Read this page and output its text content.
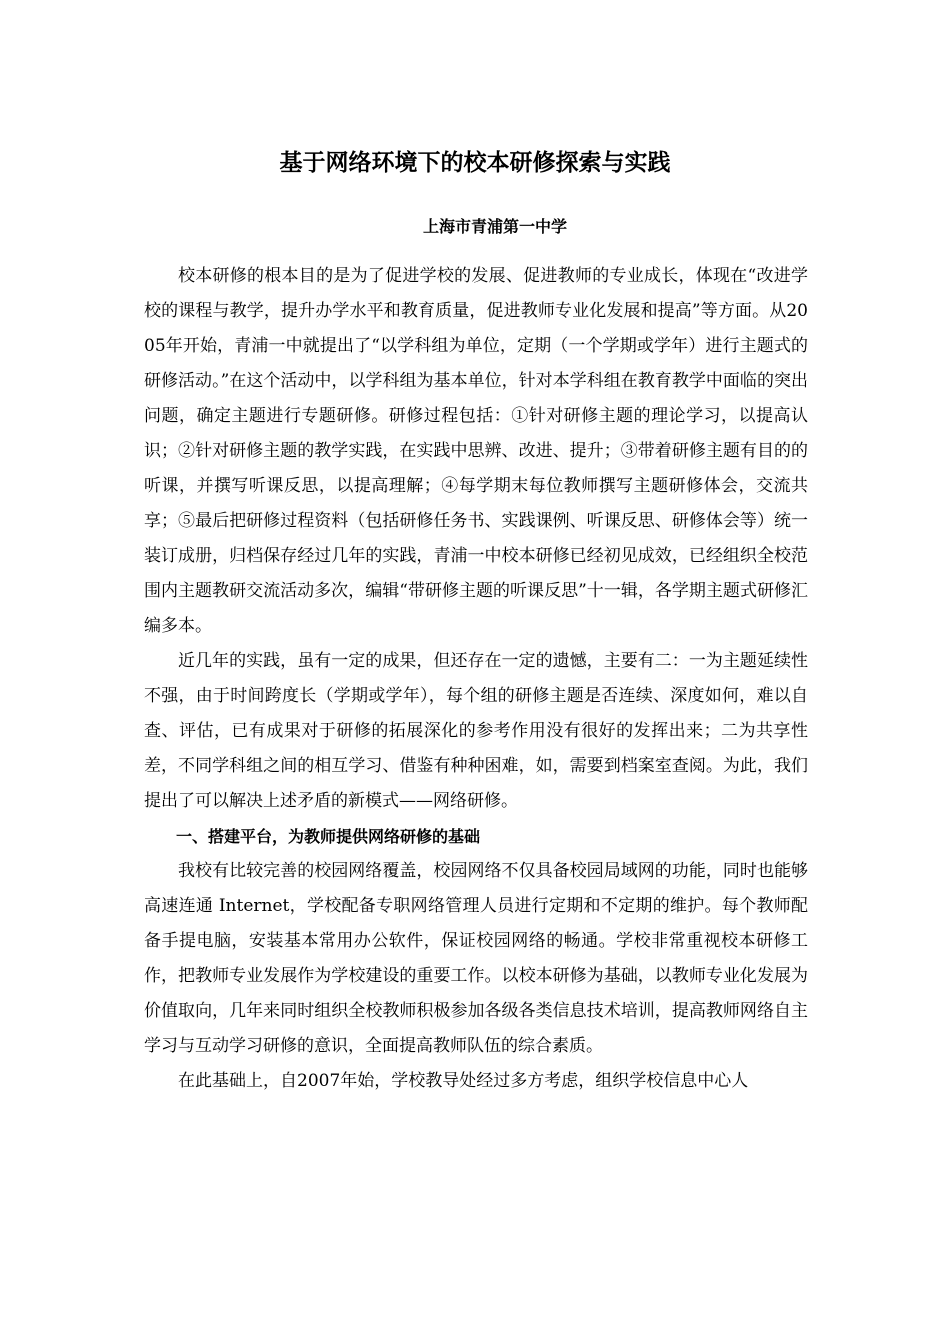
基于网络环境下的校本研修探索与实践
上海市青浦第一中学

校本研修的根本目的是为了促进学校的发展、促进教师的专业成长，体现在“改进学校的课程与教学，提升办学水平和教育质量，促进教师专业化发展和提高”等方面。从2005年开始，青浦一中就提出了“以学科组为单位，定期（一个学期或学年）进行主题式的研修活动。”在这个活动中，以学科组为基本单位，针对本学科组在教育教学中面临的突出问题，确定主题进行专题研修。研修过程包括：①针对研修主题的理论学习，以提高认识；②针对研修主题的教学实践，在实践中思辨、改进、提升；③带着研修主题有目的的听课，并撰写听课反思，以提高理解；④每学期末每位教师撰写主题研修体会，交流共享；⑤最后把研修过程资料（包括研修任务书、实践课例、听课反思、研修体会等）统一装订成册，归档保存经过几年的实践，青浦一中校本研修已经初见成效，已经组织全校范围内主题教研交流活动多次，编辑“带研修主题的听课反思”十一辑，各学期主题式研修汇编多本。

近几年的实践，虽有一定的成果，但还存在一定的遗憾，主要有二：一为主题延续性不强，由于时间跨度长（学期或学年），每个组的研修主题是否连续、深度如何，难以自查、评估，已有成果对于研修的拓展深化的参考作用没有很好的发挥出来；二为共享性差，不同学科组之间的相互学习、借鉴有种种困难，如，需要到档案室查阅。为此，我们提出了可以解决上述矛盾的新模式——网络研修。

一、搭建平台，为教师提供网络研修的基础

我校有比较完善的校园网络覆盖，校园网络不仅具备校园局域网的功能，同时也能够高速连通 Internet，学校配备专职网络管理人员进行定期和不定期的维护。每个教师配备手提电脑，安装基本常用办公软件，保证校园网络的畅通。学校非常重视校本研修工作，把教师专业发展作为学校建设的重要工作。以校本研修为基础，以教师专业化发展为价值取向，几年来同时组织全校教师积极参加各级各类信息技术培训，提高教师网络自主学习与互动学习研修的意识，全面提高教师队伍的综合素质。

在此基础上，自2007年始，学校教导处经过多方考虑，组织学校信息中心人
